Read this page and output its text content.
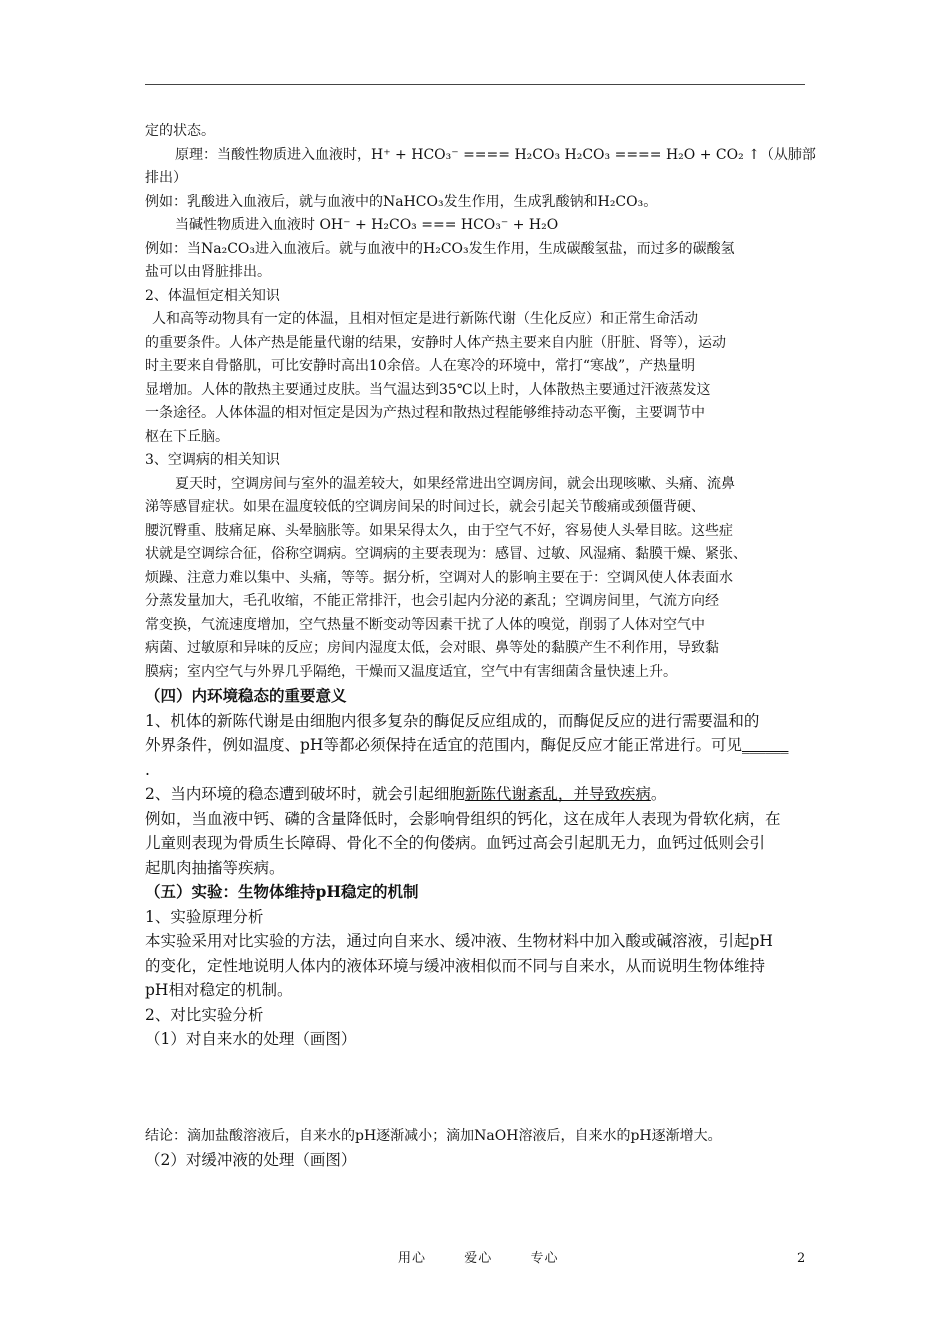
定的状态。
原理：当酸性物质进入血液时，H⁺ + HCO₃⁻ ==== H₂CO₃ H₂CO₃ ==== H₂O + CO₂ ↑（从肺部
排出）
例如：乳酸进入血液后，就与血液中的NaHCO₃发生作用，生成乳酸钠和H₂CO₃。
当碱性物质进入血液时 OH⁻ + H₂CO₃ === HCO₃⁻ + H₂O
例如：当Na₂CO₃进入血液后。就与血液中的H₂CO₃发生作用，生成碳酸氢盐，而过多的碳酸氢
盐可以由肾脏排出。
2、体温恒定相关知识
人和高等动物具有一定的体温，且相对恒定是进行新陈代谢（生化反应）和正常生命活动
的重要条件。人体产热是能量代谢的结果，安静时人体产热主要来自内脏（肝脏、肾等），运动
时主要来自骨骼肌，可比安静时高出10余倍。人在寒冷的环境中，常打“寒战”，产热量明
显增加。人体的散热主要通过皮肤。当气温达到35℃以上时，人体散热主要通过汗液蒸发这
一条途径。人体体温的相对恒定是因为产热过程和散热过程能够维持动态平衡，主要调节中
枢在下丘脑。
3、空调病的相关知识
夏天时，空调房间与室外的温差较大，如果经常进出空调房间，就会出现咳嗽、头痛、流鼻
涕等感冒症状。如果在温度较低的空调房间呆的时间过长，就会引起关节酸痛或颈僵背硬、
腰沉臀重、肢痛足麻、头晕脑胀等。如果呆得太久，由于空气不好，容易使人头晕目眩。这些症
状就是空调综合征，俗称空调病。空调病的主要表现为：感冒、过敏、风湿痛、黏膜干燥、紧张、
烦躁、注意力难以集中、头痛，等等。据分析，空调对人的影响主要在于：空调风使人体表面水
分蒸发量加大，毛孔收缩，不能正常排汗，也会引起内分泌的紊乱；空调房间里，气流方向经
常变换，气流速度增加，空气热量不断变动等因素干扰了人体的嗅觉，削弱了人体对空气中
病菌、过敏原和异味的反应；房间内湿度太低，会对眼、鼻等处的黏膜产生不利作用，导致黏
膜病；室内空气与外界几乎隔绝，干燥而又温度适宜，空气中有害细菌含量快速上升。
（四）内环境稳态的重要意义
1、机体的新陈代谢是由细胞内很多复杂的酶促反应组成的，而酶促反应的进行需要温和的
外界条件，例如温度、pH等都必须保持在适宜的范围内，酶促反应才能正常进行。可见______
.
2、当内环境的稳态遭到破坏时，就会引起细胞新陈代谢紊乱，并导致疾病。
例如，当血液中钙、磷的含量降低时，会影响骨组织的钙化，这在成年人表现为骨软化病，在
儿童则表现为骨质生长障碍、骨化不全的佝偻病。血钙过高会引起肌无力，血钙过低则会引
起肌肉抽搐等疾病。
（五）实验：生物体维持pH稳定的机制
1、实验原理分析
本实验采用对比实验的方法，通过向自来水、缓冲液、生物材料中加入酸或碱溶液，引起pH
的变化，定性地说明人体内的液体环境与缓冲液相似而不同与自来水，从而说明生物体维持
pH相对稳定的机制。
2、对比实验分析
（1）对自来水的处理（画图）
结论：滴加盐酸溶液后，自来水的pH逐渐减小；滴加NaOH溶液后，自来水的pH逐渐增大。
（2）对缓冲液的处理（画图）
用心  爱心  专心	2
